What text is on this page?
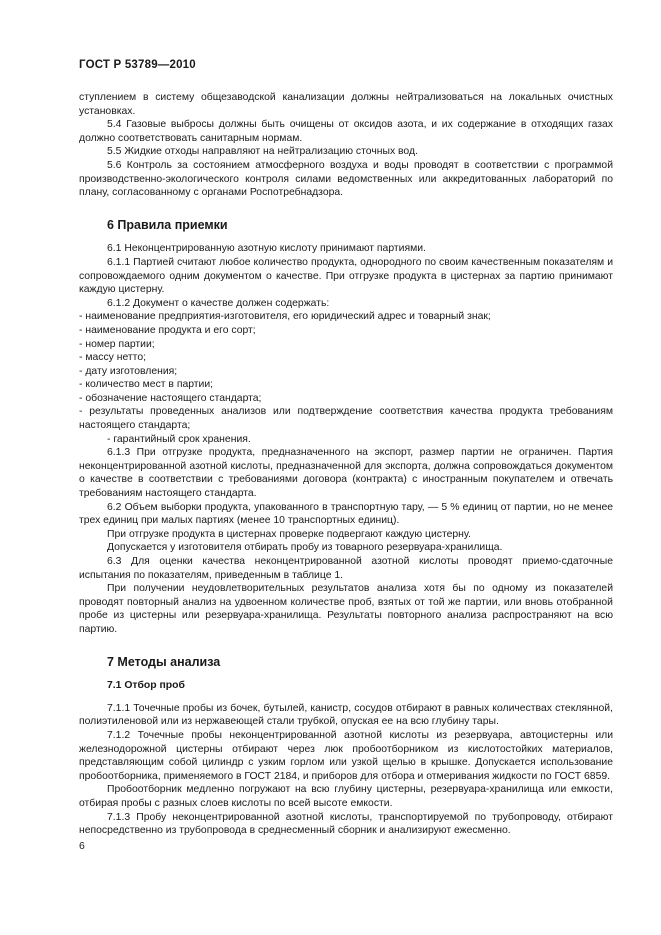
ГОСТ Р 53789—2010

ступлением в систему общезаводской канализации должны нейтрализоваться на локальных очистных установках.

5.4 Газовые выбросы должны быть очищены от оксидов азота, и их содержание в отходящих газах должно соответствовать санитарным нормам.

5.5 Жидкие отходы направляют на нейтрализацию сточных вод.

5.6 Контроль за состоянием атмосферного воздуха и воды проводят в соответствии с программой производственно-экологического контроля силами ведомственных или аккредитованных лабораторий по плану, согласованному с органами Роспотребнадзора.

6 Правила приемки

6.1 Неконцентрированную азотную кислоту принимают партиями.

6.1.1 Партией считают любое количество продукта, однородного по своим качественным показателям и сопровождаемого одним документом о качестве. При отгрузке продукта в цистернах за партию принимают каждую цистерну.

6.1.2 Документ о качестве должен содержать:

- наименование предприятия-изготовителя, его юридический адрес и товарный знак;

- наименование продукта и его сорт;

- номер партии;

- массу нетто;

- дату изготовления;

- количество мест в партии;

- обозначение настоящего стандарта;

- результаты проведенных анализов или подтверждение соответствия качества продукта требованиям настоящего стандарта;

- гарантийный срок хранения.

6.1.3 При отгрузке продукта, предназначенного на экспорт, размер партии не ограничен. Партия неконцентрированной азотной кислоты, предназначенной для экспорта, должна сопровождаться документом о качестве в соответствии с требованиями договора (контракта) с иностранным покупателем и отвечать требованиям настоящего стандарта.

6.2 Объем выборки продукта, упакованного в транспортную тару, — 5 % единиц от партии, но не менее трех единиц при малых партиях (менее 10 транспортных единиц).

При отгрузке продукта в цистернах проверке подвергают каждую цистерну.

Допускается у изготовителя отбирать пробу из товарного резервуара-хранилища.

6.3 Для оценки качества неконцентрированной азотной кислоты проводят приемо-сдаточные испытания по показателям, приведенным в таблице 1.

При получении неудовлетворительных результатов анализа хотя бы по одному из показателей проводят повторный анализ на удвоенном количестве проб, взятых от той же партии, или вновь отобранной пробе из цистерны или резервуара-хранилища. Результаты повторного анализа распространяют на всю партию.

7 Методы анализа
7.1 Отбор проб

7.1.1 Точечные пробы из бочек, бутылей, канистр, сосудов отбирают в равных количествах стеклянной, полиэтиленовой или из нержавеющей стали трубкой, опуская ее на всю глубину тары.

7.1.2 Точечные пробы неконцентрированной азотной кислоты из резервуара, автоцистерны или железнодорожной цистерны отбирают через люк пробоотборником из кислотостойких материалов, представляющим собой цилиндр с узким горлом или узкой щелью в крышке. Допускается использование пробоотборника, применяемого в ГОСТ 2184, и приборов для отбора и отмеривания жидкости по ГОСТ 6859.

Пробоотборник медленно погружают на всю глубину цистерны, резервуара-хранилища или емкости, отбирая пробы с разных слоев кислоты по всей высоте емкости.

7.1.3 Пробу неконцентрированной азотной кислоты, транспортируемой по трубопроводу, отбирают непосредственно из трубопровода в среднесменный сборник и анализируют ежесменно.

6
